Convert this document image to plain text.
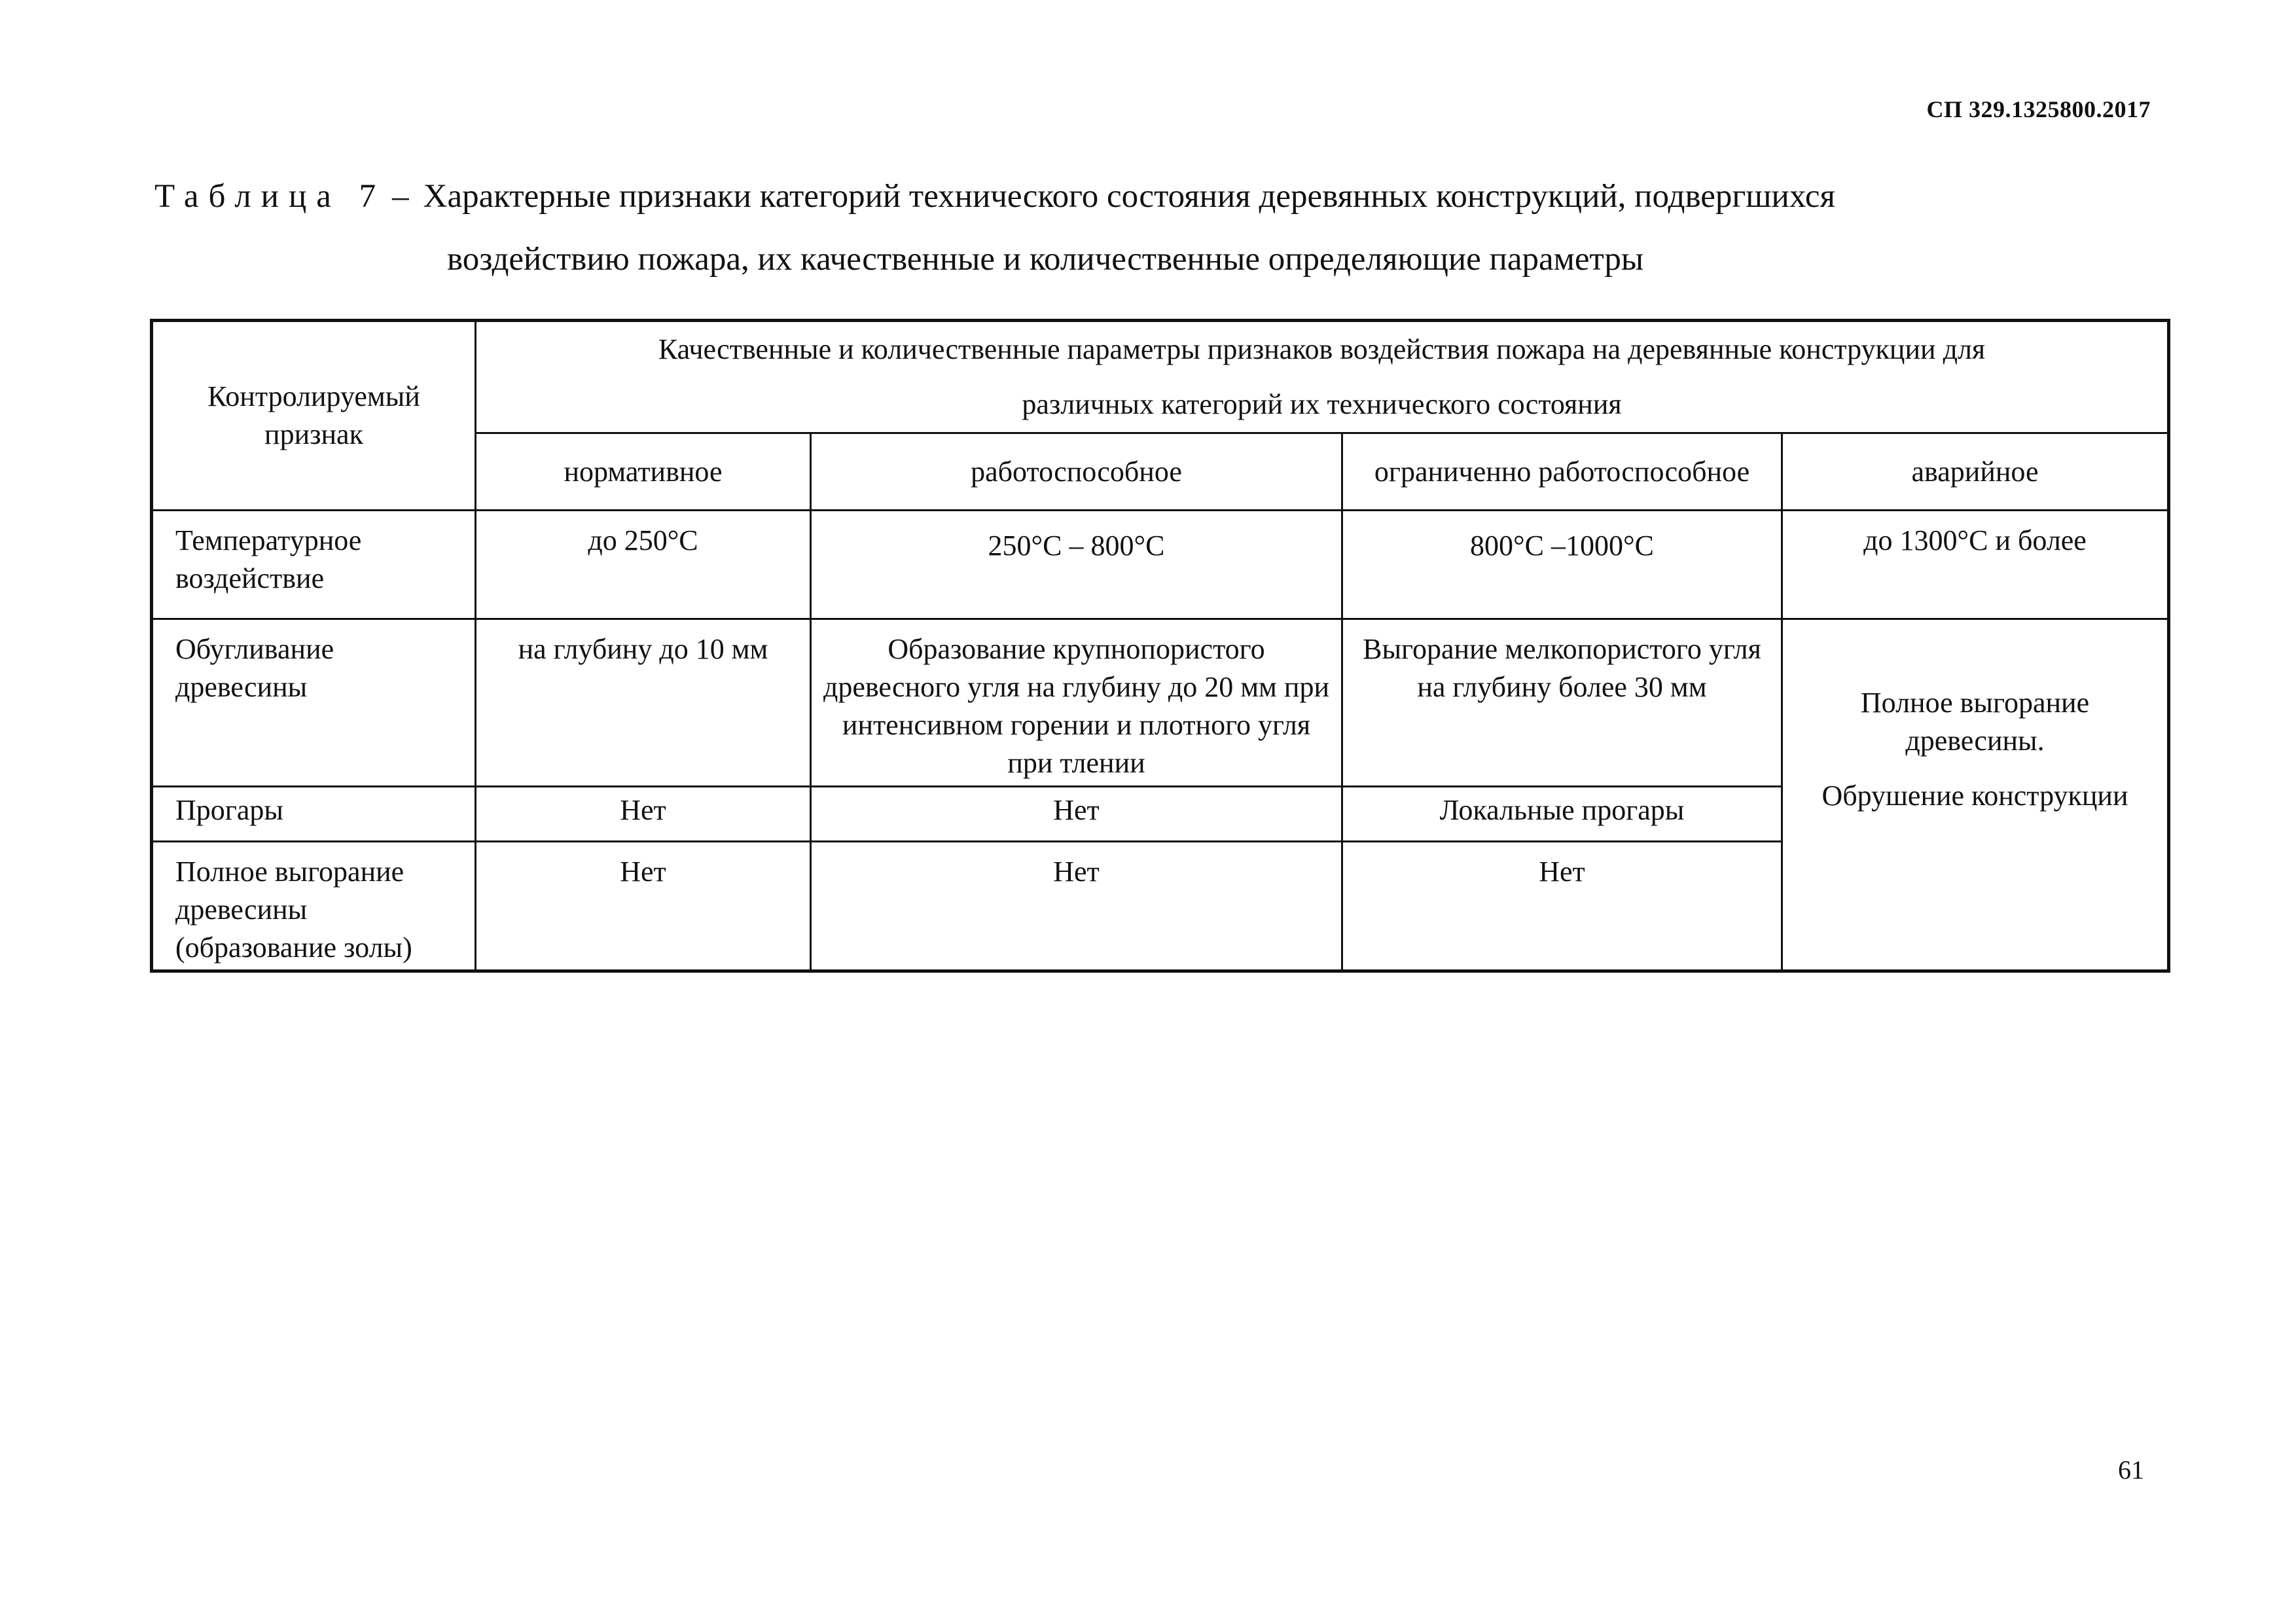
СП 329.1325800.2017
Таблица 7 – Характерные признаки категорий технического состояния деревянных конструкций, подвергшихся
воздействию пожара, их качественные и количественные определяющие параметры
Контролируемый признак	Качественные и количественные параметры признаков воздействия пожара на деревянные конструкции для
различных категорий их технического состояния			
	нормативное	работоспособное	ограниченно работоспособное	аварийное
Температурное воздействие	до 250°С	250°С – 800°С	800°С –1000°С	до 1300°С и более
Обугливание древесины	на глубину до 10 мм	Образование крупнопористого древесного угля на глубину до 20 мм при интенсивном горении и плотного угля при тлении	Выгорание мелкопористого угля на глубину более 30 мм	Полное выгорание древесины.
Обрушение конструкции

Прогары	Нет	Нет	Локальные прогары	
Полное выгорание древесины (образование золы)	Нет	Нет	Нет	
61
